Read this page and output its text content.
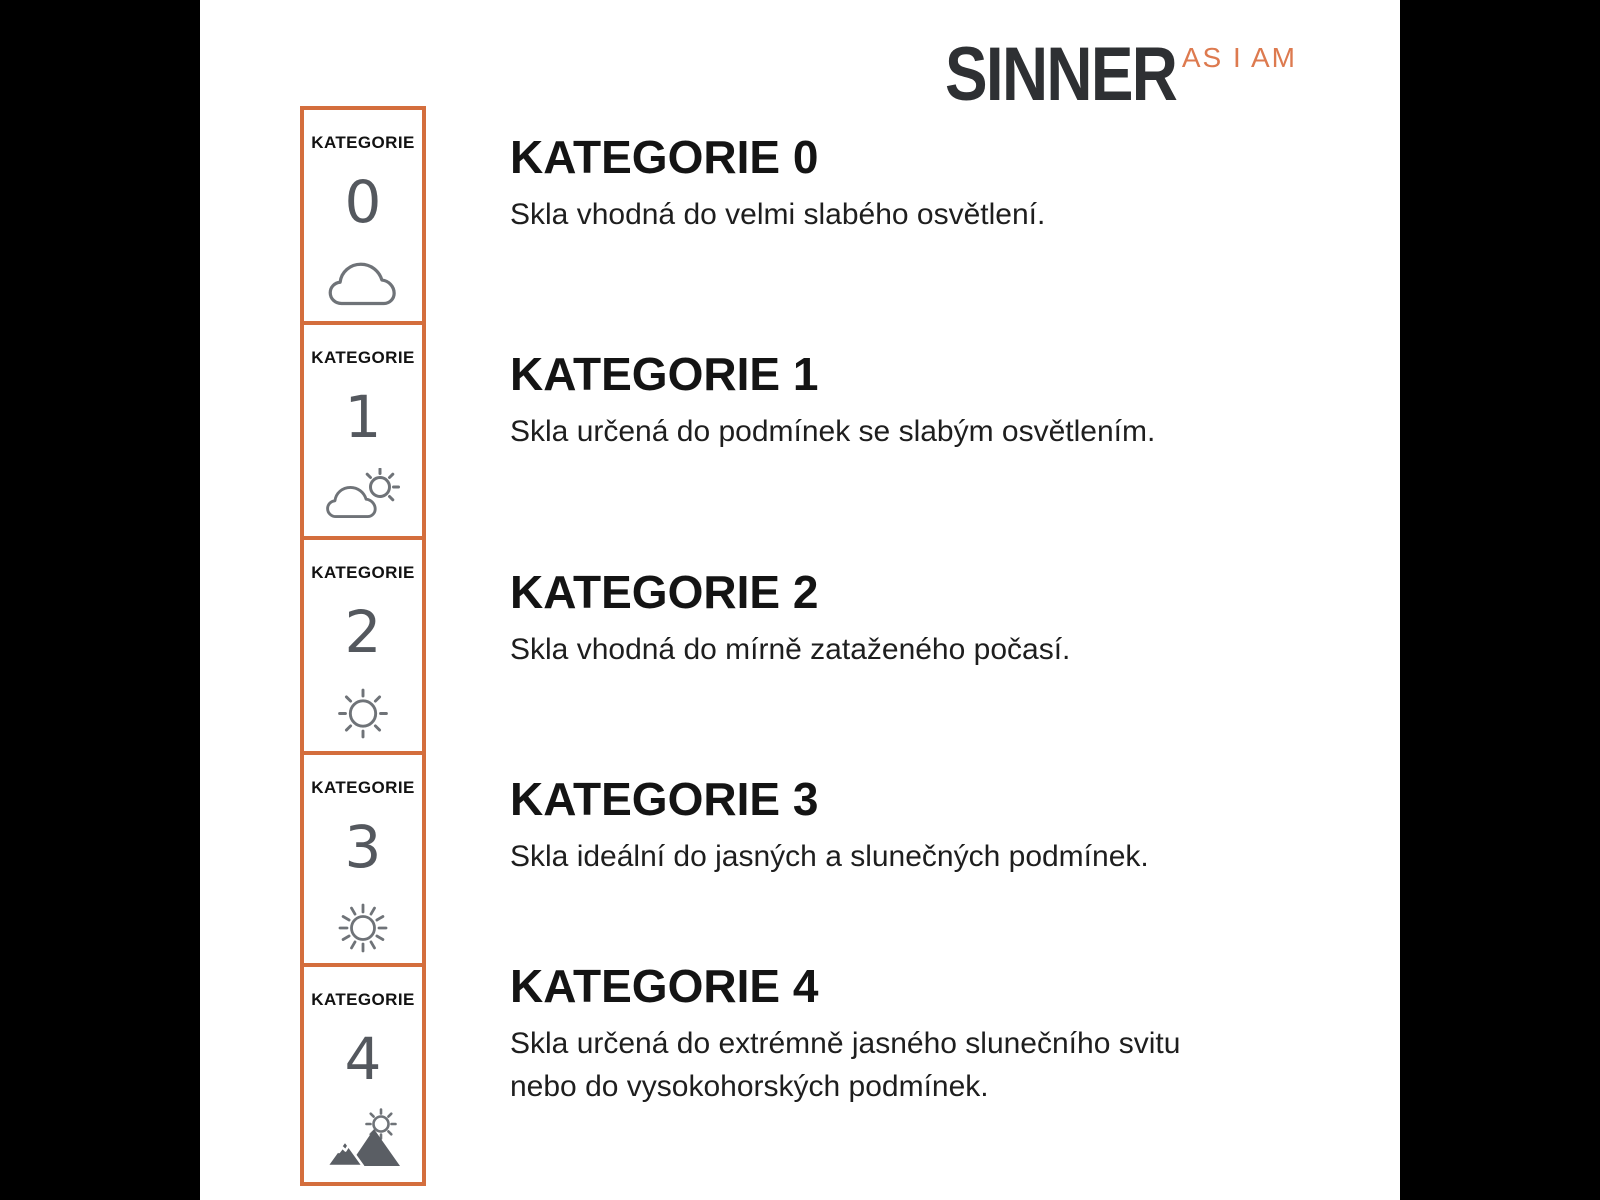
SINNER AS I AM
KATEGORIE
0
KATEGORIE 0
Skla vhodná do velmi slabého osvětlení.
KATEGORIE
1
KATEGORIE 1
Skla určená do podmínek se slabým osvětlením.
KATEGORIE
2
KATEGORIE 2
Skla vhodná do mírně zataženého počasí.
KATEGORIE
3
KATEGORIE 3
Skla ideální do jasných a slunečných podmínek.
KATEGORIE
4
KATEGORIE 4
Skla určená do extrémně jasného slunečního svitu nebo do vysokohorských podmínek.
